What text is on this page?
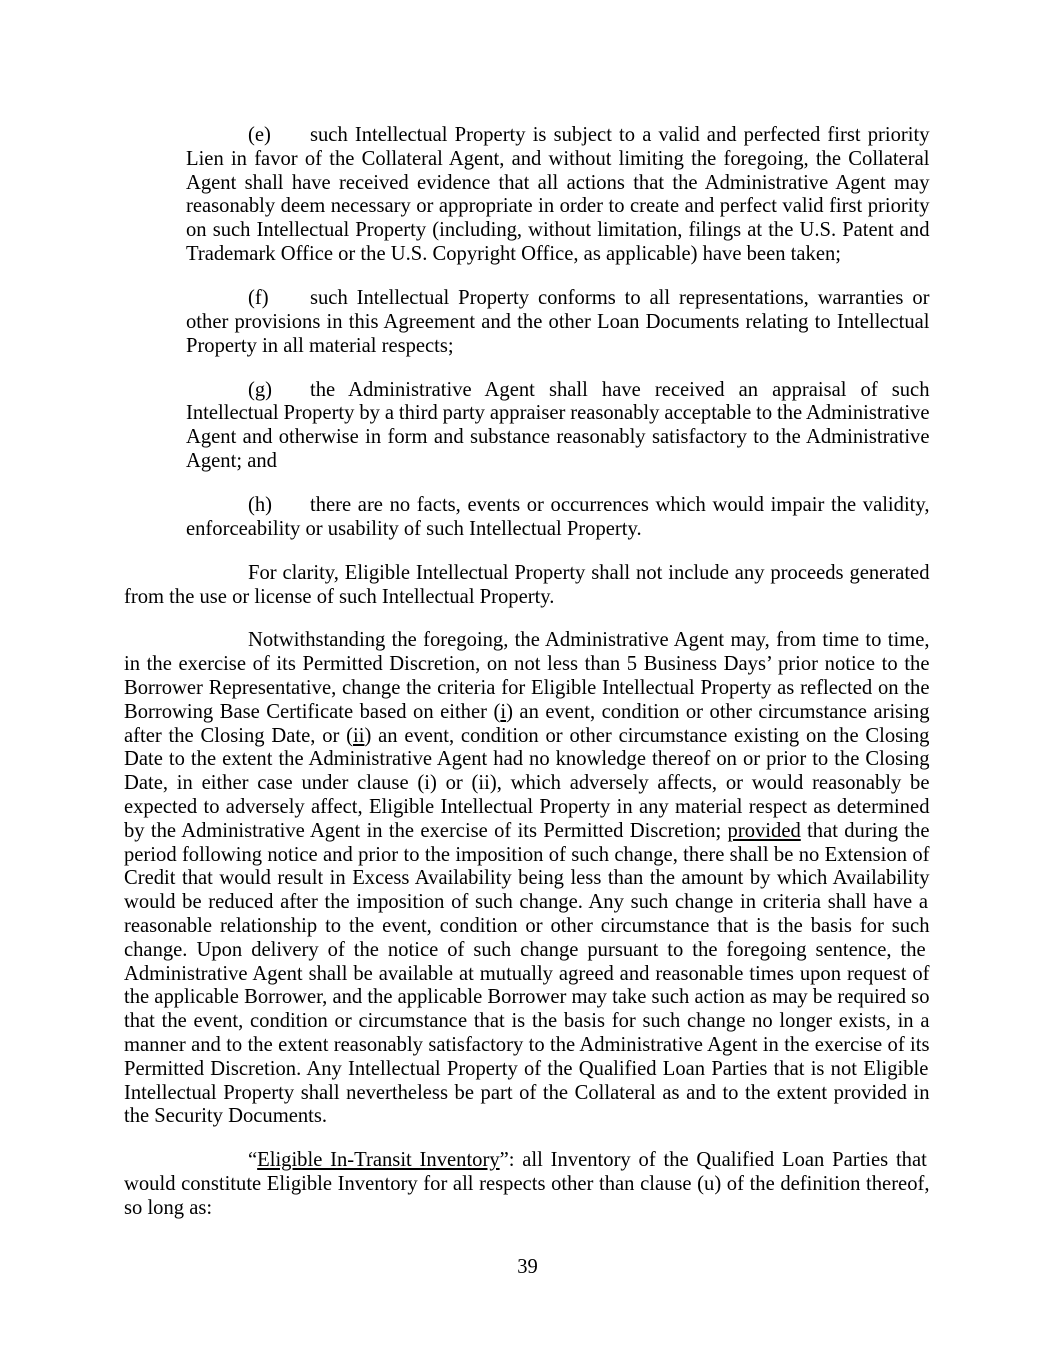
(e) such Intellectual Property is subject to a valid and perfected first priority
Lien in favor of the Collateral Agent, and without limiting the foregoing, the Collateral
Agent shall have received evidence that all actions that the Administrative Agent may
reasonably deem necessary or appropriate in order to create and perfect valid first priority
on such Intellectual Property (including, without limitation, filings at the U.S. Patent and
Trademark Office or the U.S. Copyright Office, as applicable) have been taken;
(f) such Intellectual Property conforms to all representations, warranties or
other provisions in this Agreement and the other Loan Documents relating to Intellectual
Property in all material respects;
(g) the Administrative Agent shall have received an appraisal of such
Intellectual Property by a third party appraiser reasonably acceptable to the Administrative
Agent and otherwise in form and substance reasonably satisfactory to the Administrative
Agent; and
(h) there are no facts, events or occurrences which would impair the validity,
enforceability or usability of such Intellectual Property.
For clarity, Eligible Intellectual Property shall not include any proceeds generated
from the use or license of such Intellectual Property.
Notwithstanding the foregoing, the Administrative Agent may, from time to time,
in the exercise of its Permitted Discretion, on not less than 5 Business Days’ prior notice to the
Borrower Representative, change the criteria for Eligible Intellectual Property as reflected on the
Borrowing Base Certificate based on either (i) an event, condition or other circumstance arising
after the Closing Date, or (ii) an event, condition or other circumstance existing on the Closing
Date to the extent the Administrative Agent had no knowledge thereof on or prior to the Closing
Date, in either case under clause (i) or (ii), which adversely affects, or would reasonably be
expected to adversely affect, Eligible Intellectual Property in any material respect as determined
by the Administrative Agent in the exercise of its Permitted Discretion; provided that during the
period following notice and prior to the imposition of such change, there shall be no Extension of
Credit that would result in Excess Availability being less than the amount by which Availability
would be reduced after the imposition of such change. Any such change in criteria shall have a
reasonable relationship to the event, condition or other circumstance that is the basis for such
change. Upon delivery of the notice of such change pursuant to the foregoing sentence, the
Administrative Agent shall be available at mutually agreed and reasonable times upon request of
the applicable Borrower, and the applicable Borrower may take such action as may be required so
that the event, condition or circumstance that is the basis for such change no longer exists, in a
manner and to the extent reasonably satisfactory to the Administrative Agent in the exercise of its
Permitted Discretion. Any Intellectual Property of the Qualified Loan Parties that is not Eligible
Intellectual Property shall nevertheless be part of the Collateral as and to the extent provided in
the Security Documents.
“Eligible In-Transit Inventory”: all Inventory of the Qualified Loan Parties that
would constitute Eligible Inventory for all respects other than clause (u) of the definition thereof,
so long as:
39
